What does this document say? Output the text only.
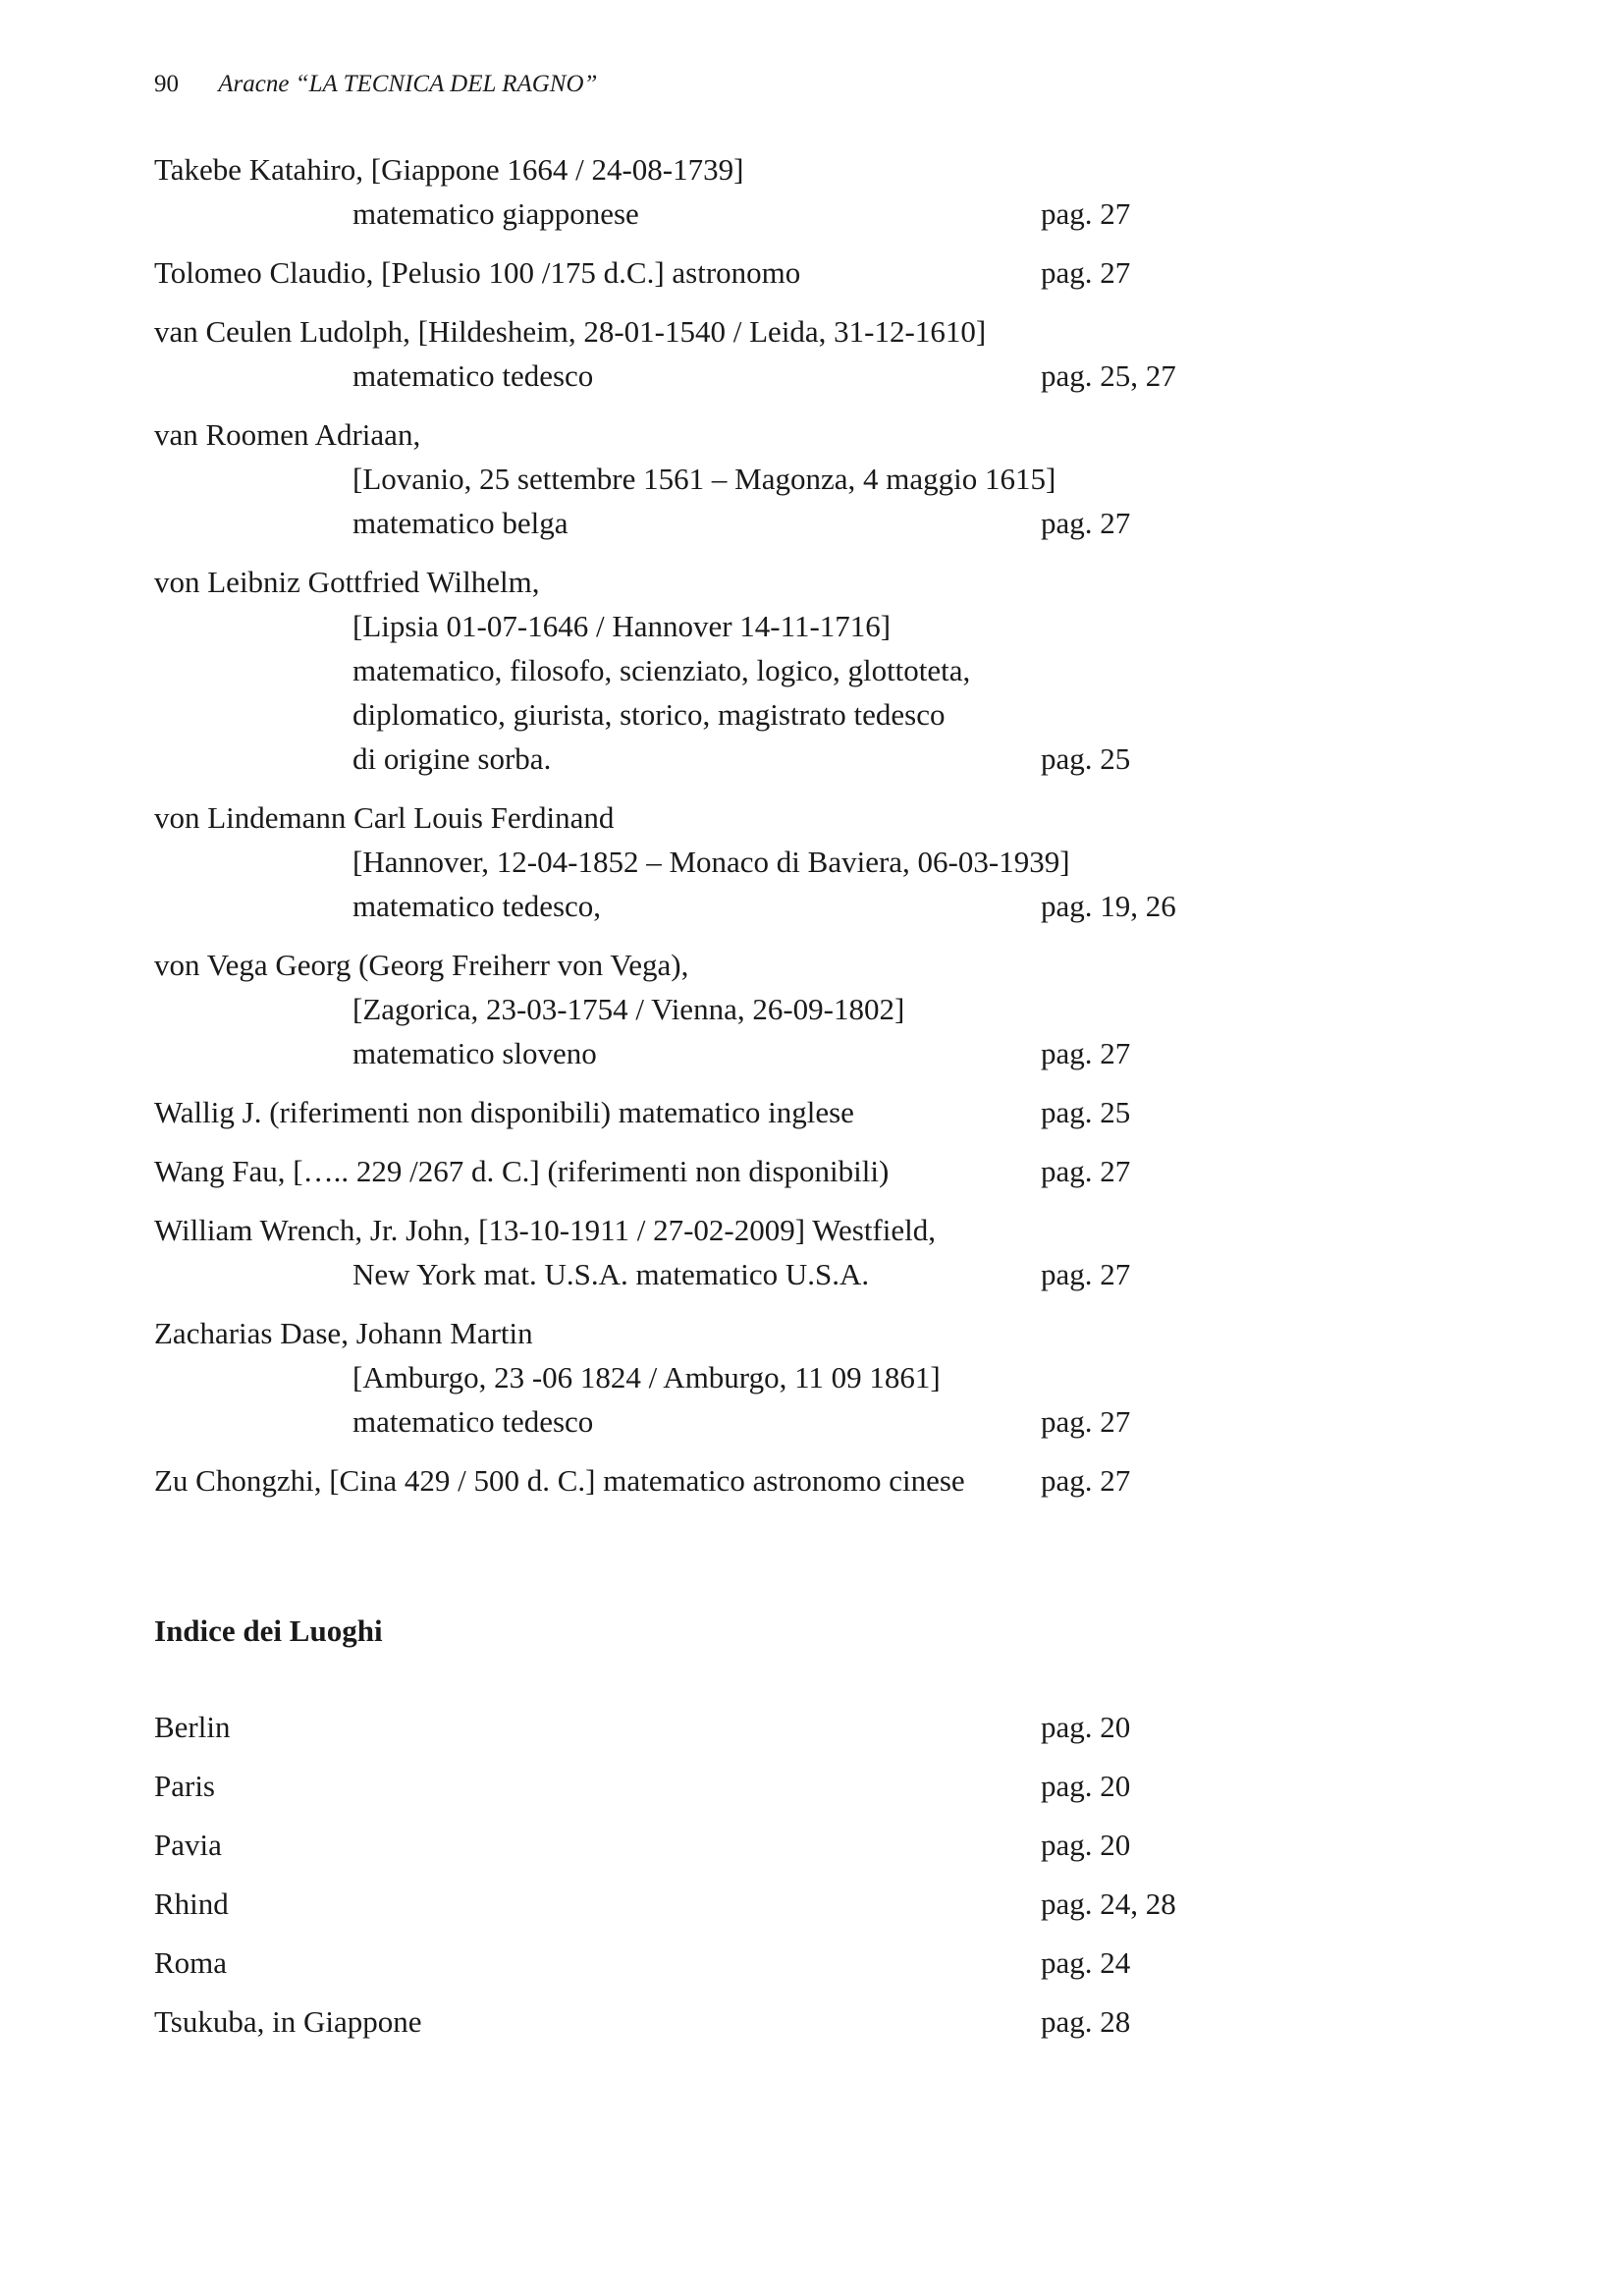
90 Aracne “LA TECNICA DEL RAGNO”
Takebe Katahiro, [Giappone 1664 / 24-08-1739]
matematico giapponese	pag. 27
Tolomeo Claudio, [Pelusio 100 /175 d.C.] astronomo	pag. 27
van Ceulen Ludolph, [Hildesheim, 28-01-1540 / Leida, 31-12-1610]
matematico tedesco	pag. 25, 27
van Roomen Adriaan,
[Lovanio, 25 settembre 1561 – Magonza, 4 maggio 1615]
matematico belga	pag. 27
von Leibniz Gottfried Wilhelm,
[Lipsia 01-07-1646 / Hannover 14-11-1716]
matematico, filosofo, scienziato, logico, glottoteta,
diplomatico, giurista, storico, magistrato tedesco
di origine sorba.	pag. 25
von Lindemann Carl Louis Ferdinand
[Hannover, 12-04-1852 – Monaco di Baviera, 06-03-1939]
matematico tedesco,	pag. 19, 26
von Vega Georg (Georg Freiherr von Vega),
[Zagorica, 23-03-1754 / Vienna, 26-09-1802]
matematico sloveno	pag. 27
Wallig J. (riferimenti non disponibili) matematico inglese	pag. 25
Wang Fau, [….. 229 /267 d. C.] (riferimenti non disponibili)	pag. 27
William Wrench, Jr. John, [13-10-1911 / 27-02-2009] Westfield,
New York mat. U.S.A. matematico U.S.A.	pag. 27
Zacharias Dase, Johann Martin
[Amburgo, 23 -06 1824 / Amburgo, 11 09 1861]
matematico tedesco	pag. 27
Zu Chongzhi, [Cina 429 / 500 d. C.] matematico astronomo cinese pag. 27
Indice dei Luoghi
Berlin	pag. 20
Paris	pag. 20
Pavia	pag. 20
Rhind	pag. 24, 28
Roma	pag. 24
Tsukuba, in Giappone	pag. 28
